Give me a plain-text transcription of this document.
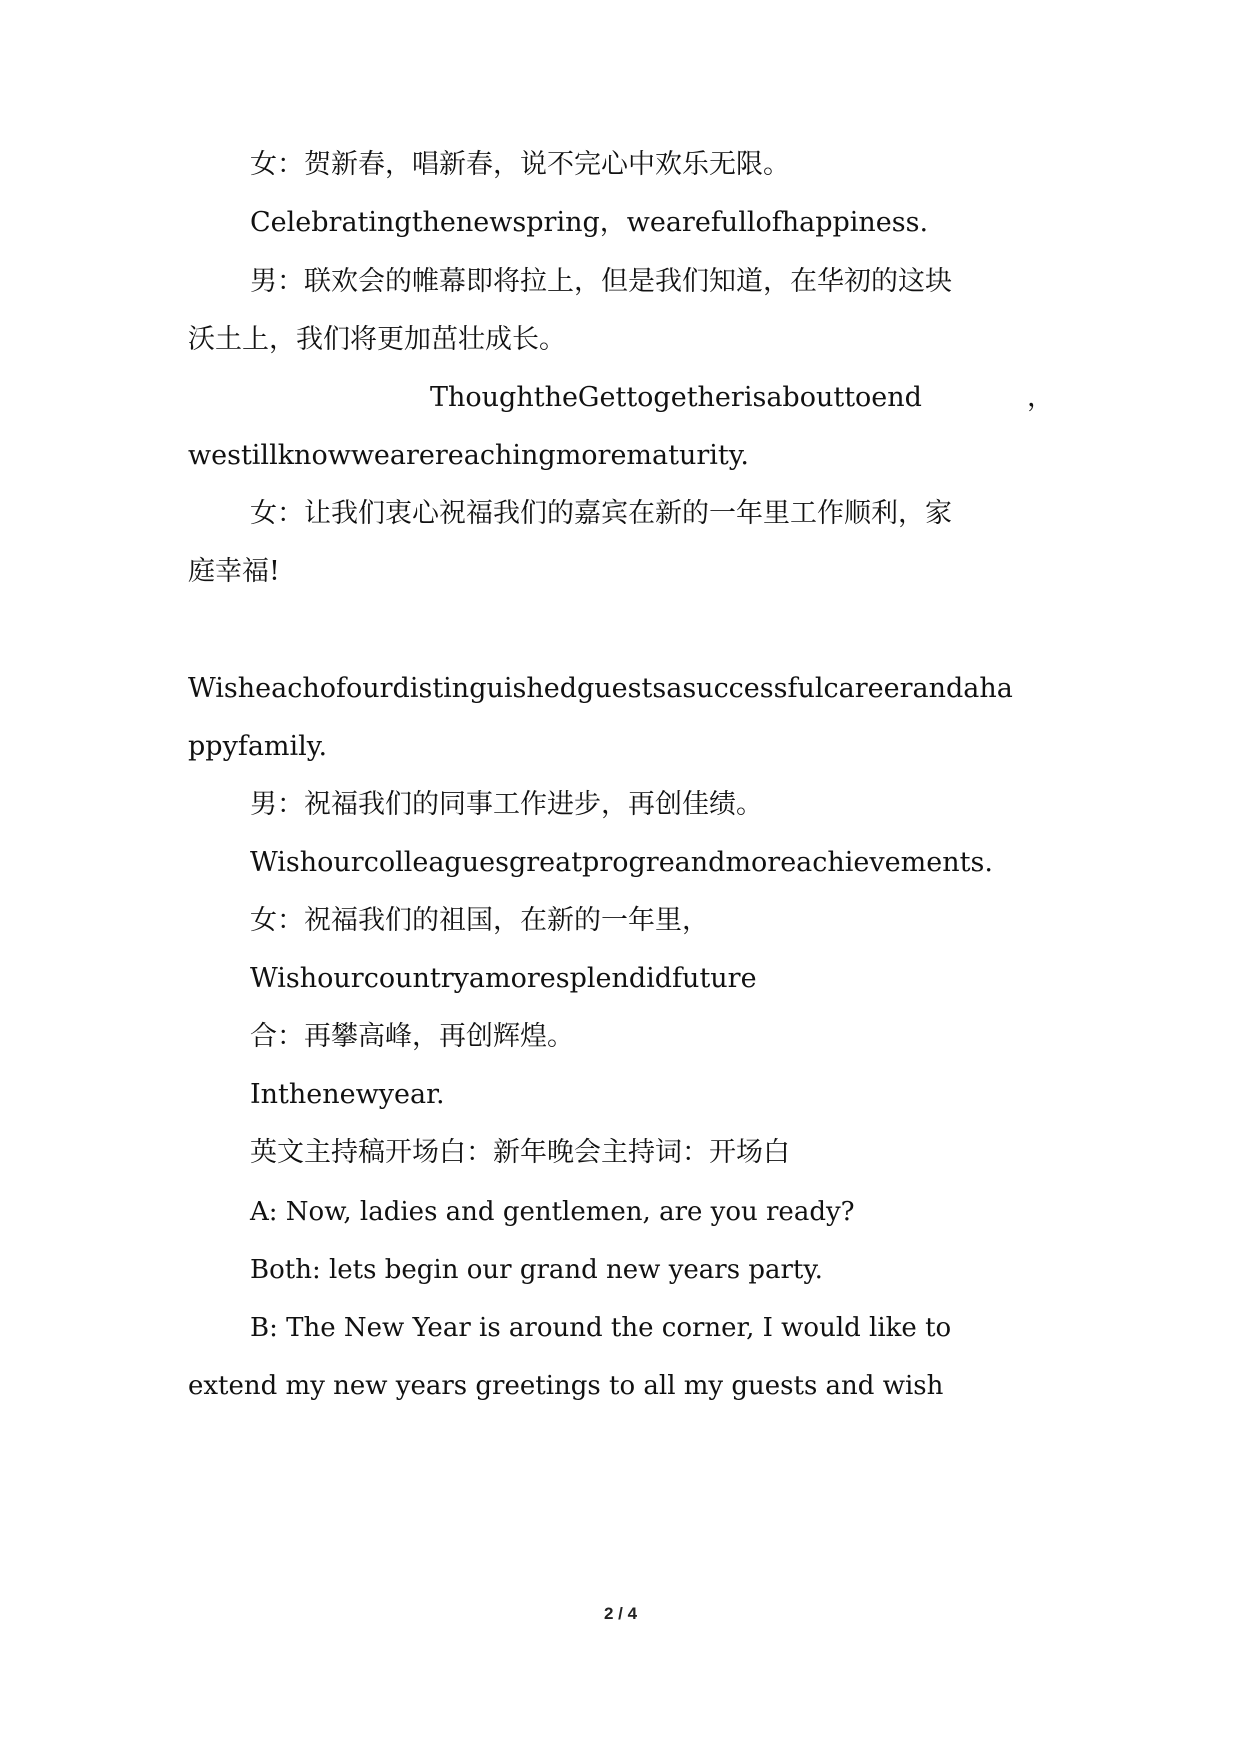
女：贺新春，唱新春，说不完心中欢乐无限。
Celebratingthenewspring，wearefullofhappiness.
男：联欢会的帷幕即将拉上，但是我们知道，在华初的这块
沃土上，我们将更加茁壮成长。
ThoughtheGettogetherisabouttoend	，
westillknowwearereachingmorematurity.
女：让我们衷心祝福我们的嘉宾在新的一年里工作顺利，家
庭幸福!
Wisheachofourdistinguishedguestsasuccessfulcareerandaha
ppyfamily.
男：祝福我们的同事工作进步，再创佳绩。
Wishourcolleaguesgreatprogreandmoreachievements.
女：祝福我们的祖国，在新的一年里，
Wishourcountryamoresplendidfuture
合：再攀高峰，再创辉煌。
Inthenewyear.
英文主持稿开场白：新年晚会主持词：开场白
A: Now, ladies and gentlemen, are you ready?
Both: lets begin our grand new years party.
B: The New Year is around the corner, I would like to
extend my new years greetings to all my guests and wish
2 / 4
